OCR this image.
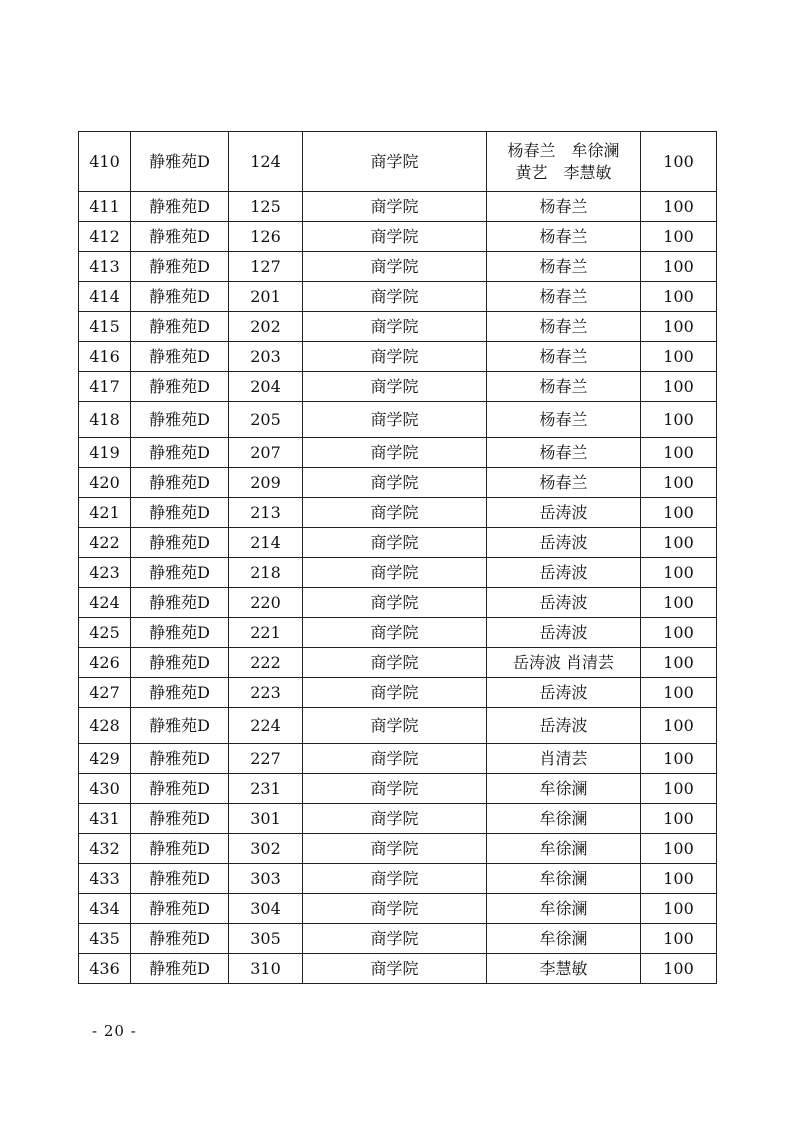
410	静雅苑D	124	商学院	杨春兰　牟徐澜
黄艺　李慧敏	100
411	静雅苑D	125	商学院	杨春兰	100
412	静雅苑D	126	商学院	杨春兰	100
413	静雅苑D	127	商学院	杨春兰	100
414	静雅苑D	201	商学院	杨春兰	100
415	静雅苑D	202	商学院	杨春兰	100
416	静雅苑D	203	商学院	杨春兰	100
417	静雅苑D	204	商学院	杨春兰	100
418	静雅苑D	205	商学院	杨春兰	100
419	静雅苑D	207	商学院	杨春兰	100
420	静雅苑D	209	商学院	杨春兰	100
421	静雅苑D	213	商学院	岳涛波	100
422	静雅苑D	214	商学院	岳涛波	100
423	静雅苑D	218	商学院	岳涛波	100
424	静雅苑D	220	商学院	岳涛波	100
425	静雅苑D	221	商学院	岳涛波	100
426	静雅苑D	222	商学院	岳涛波 肖清芸	100
427	静雅苑D	223	商学院	岳涛波	100
428	静雅苑D	224	商学院	岳涛波	100
429	静雅苑D	227	商学院	肖清芸	100
430	静雅苑D	231	商学院	牟徐澜	100
431	静雅苑D	301	商学院	牟徐澜	100
432	静雅苑D	302	商学院	牟徐澜	100
433	静雅苑D	303	商学院	牟徐澜	100
434	静雅苑D	304	商学院	牟徐澜	100
435	静雅苑D	305	商学院	牟徐澜	100
436	静雅苑D	310	商学院	李慧敏	100
- 20 -
